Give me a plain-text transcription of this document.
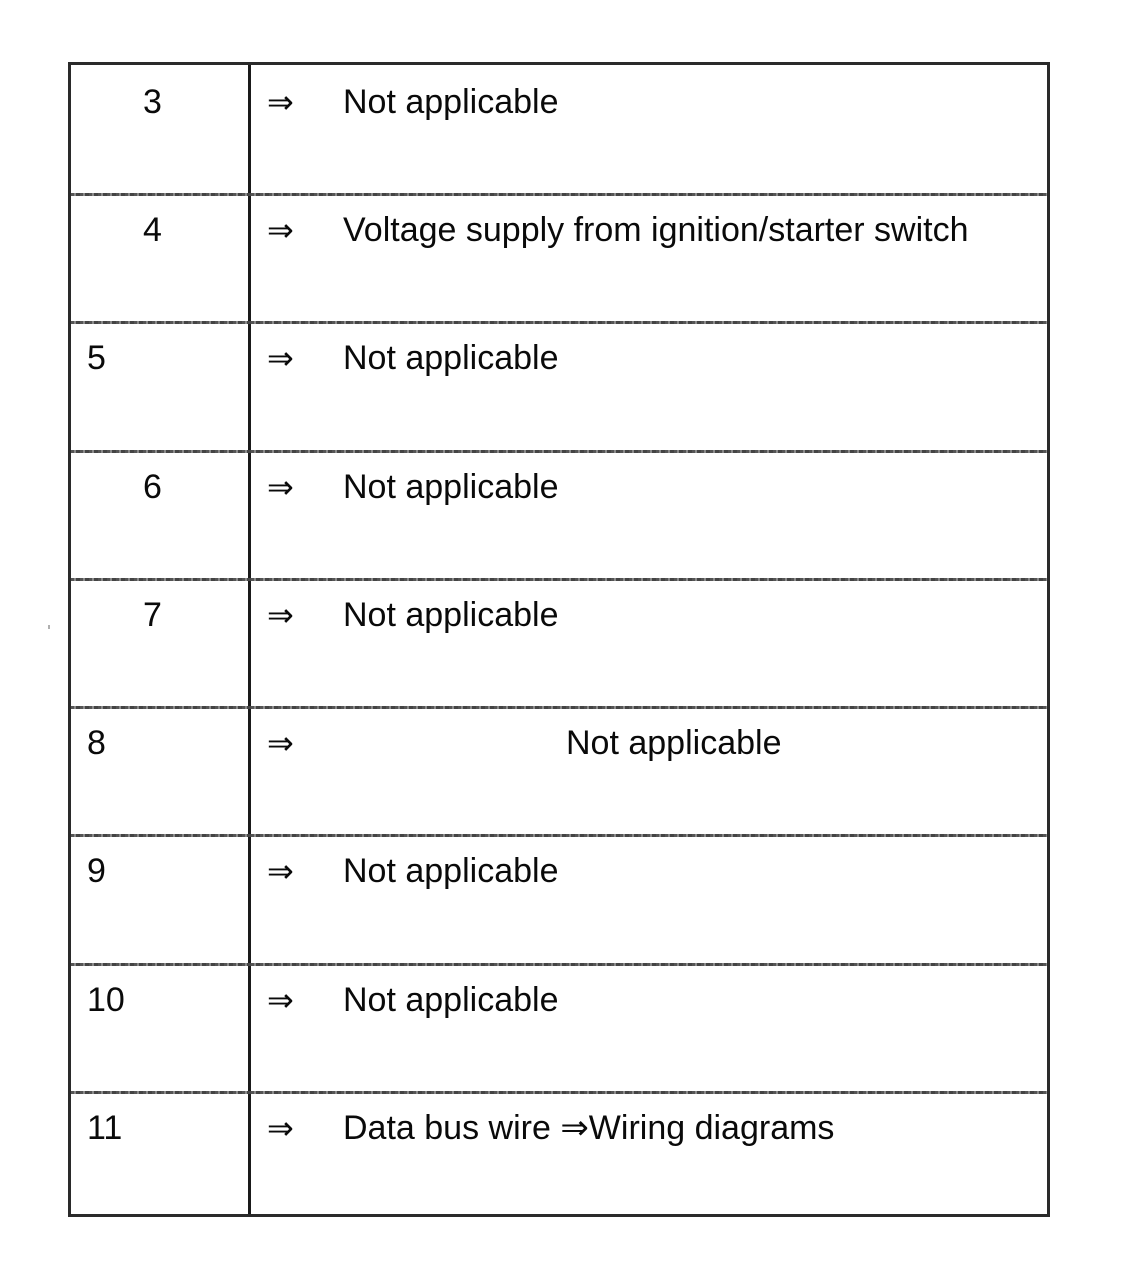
3	⇒ Not applicable
4	⇒ Voltage supply from ignition/starter switch
5	⇒ Not applicable
6	⇒ Not applicable
7	⇒ Not applicable
8	⇒	Not applicable
9	⇒ Not applicable
10	⇒ Not applicable
11	⇒ Data bus wire ⇒Wiring diagrams
